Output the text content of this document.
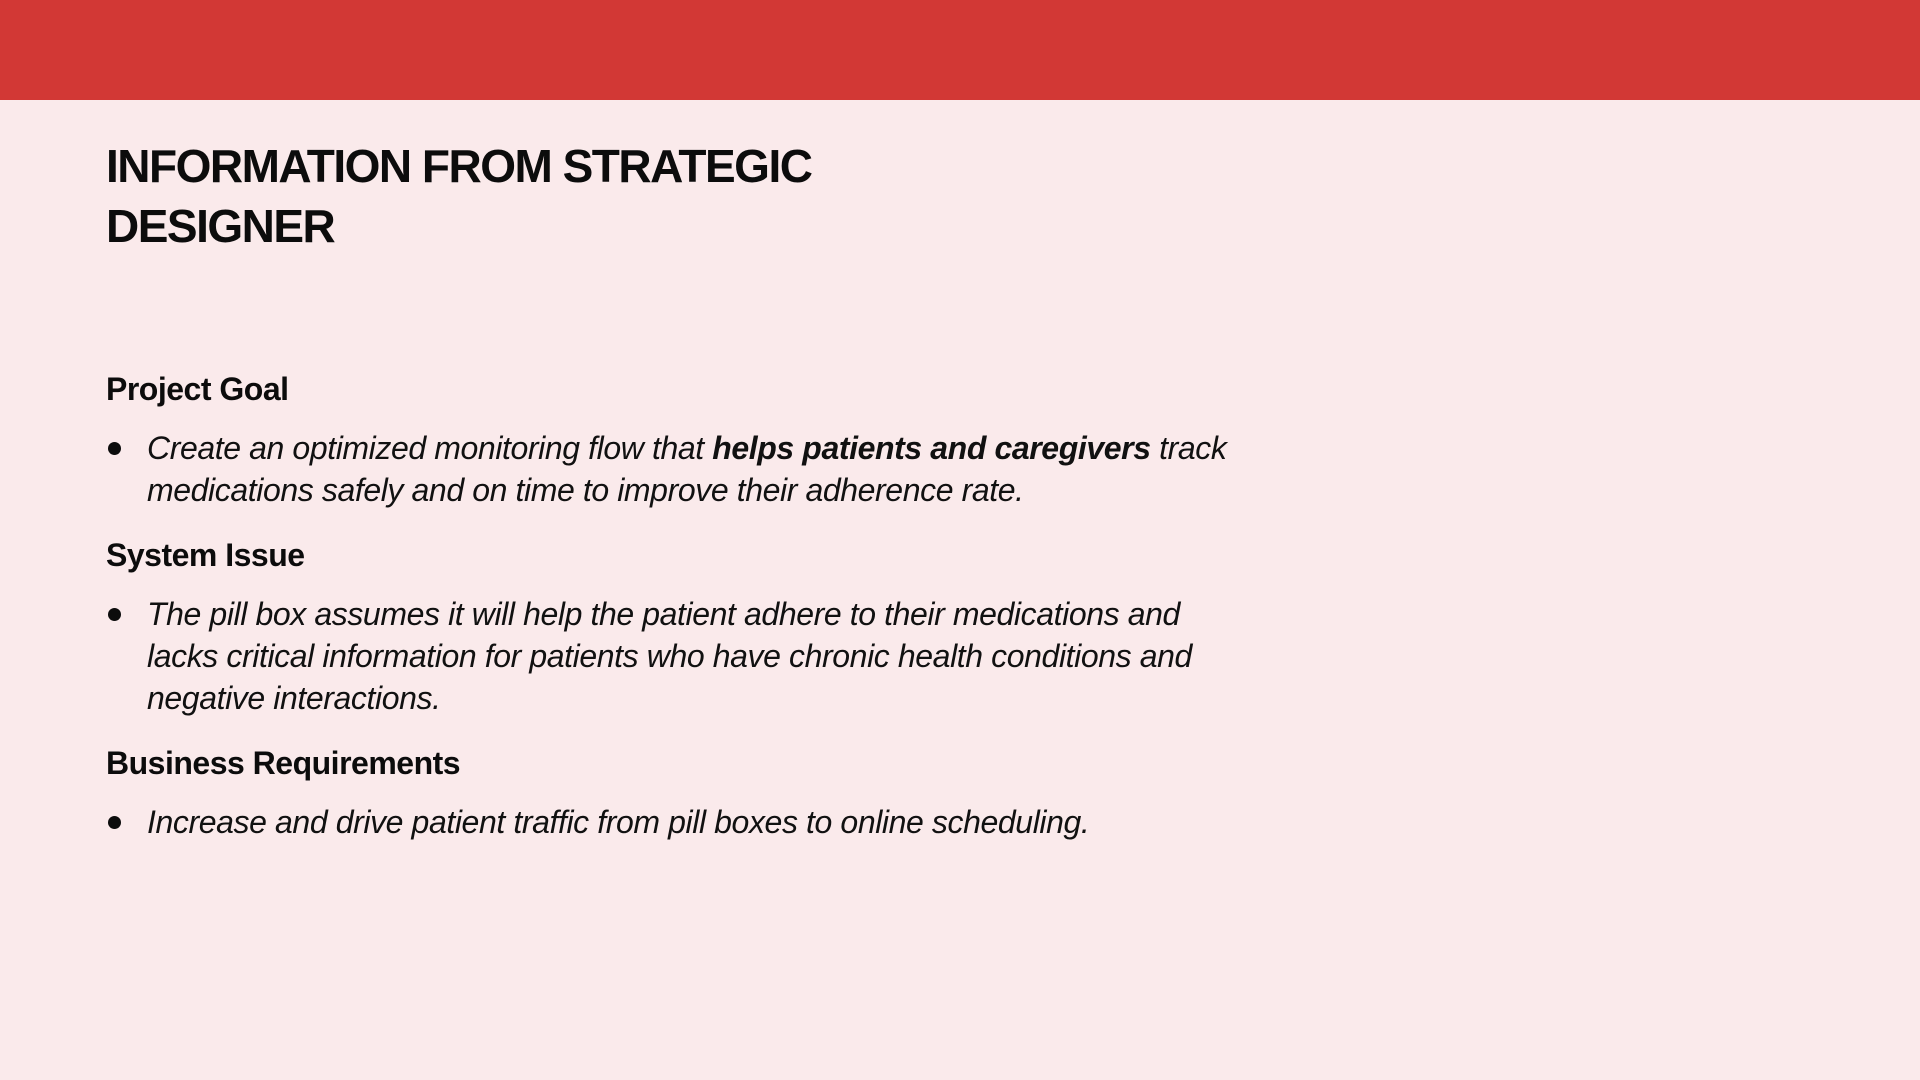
INFORMATION FROM STRATEGIC
DESIGNER
Project Goal
Create an optimized monitoring flow that helps patients and caregivers track medications safely and on time to improve their adherence rate.
System Issue
The pill box assumes it will help the patient adhere to their medications and lacks critical information for patients who have chronic health conditions and negative interactions.
Business Requirements
Increase and drive patient traffic from pill boxes to online scheduling.
